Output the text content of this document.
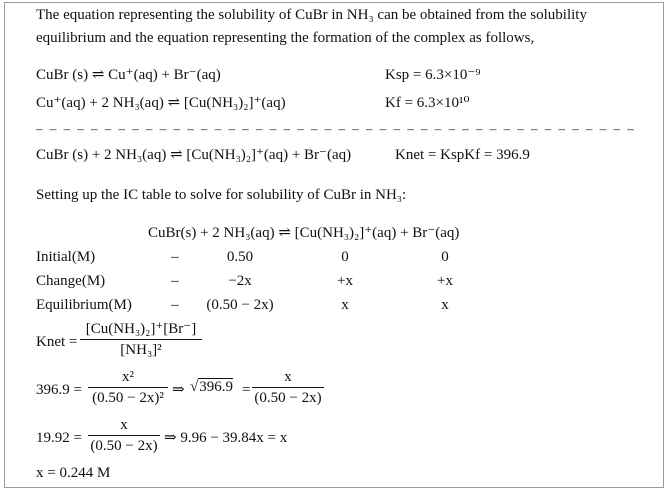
The equation representing the solubility of CuBr in NH₃ can be obtained from the solubility
equilibrium and the equation representing the formation of the complex as follows,
CuBr (s) ⇌ Cu⁺(aq) + Br⁻(aq)	Ksp = 6.3×10⁻⁹
Cu⁺(aq) + 2 NH₃(aq) ⇌ [Cu(NH₃)₂]⁺(aq)	Kf = 6.3×10¹⁰
– – – – – – – – – – – – – – – – – – – – – – – – – – – – – – – – – – – – – – – – – – – –
CuBr (s) + 2 NH₃(aq) ⇌ [Cu(NH₃)₂]⁺(aq) + Br⁻(aq)	Knet = KspKf = 396.9
Setting up the IC table to solve for solubility of CuBr in NH₃:
CuBr(s) + 2 NH₃(aq) ⇌ [Cu(NH₃)₂]⁺(aq) + Br⁻(aq)
Initial(M)	–	0.50	0	0
Change(M)	–	−2x	+x	+x
Equilibrium(M)	–	(0.50 − 2x)	x	x
Knet =
[Cu(NH₃)₂]⁺[Br⁻]
[NH₃]²
396.9 =
x²
(0.50 − 2x)² ⇒ √396.9 =
x
(0.50 − 2x)
19.92 =
x
(0.50 − 2x) ⇒ 9.96 − 39.84x = x
x = 0.244 M
